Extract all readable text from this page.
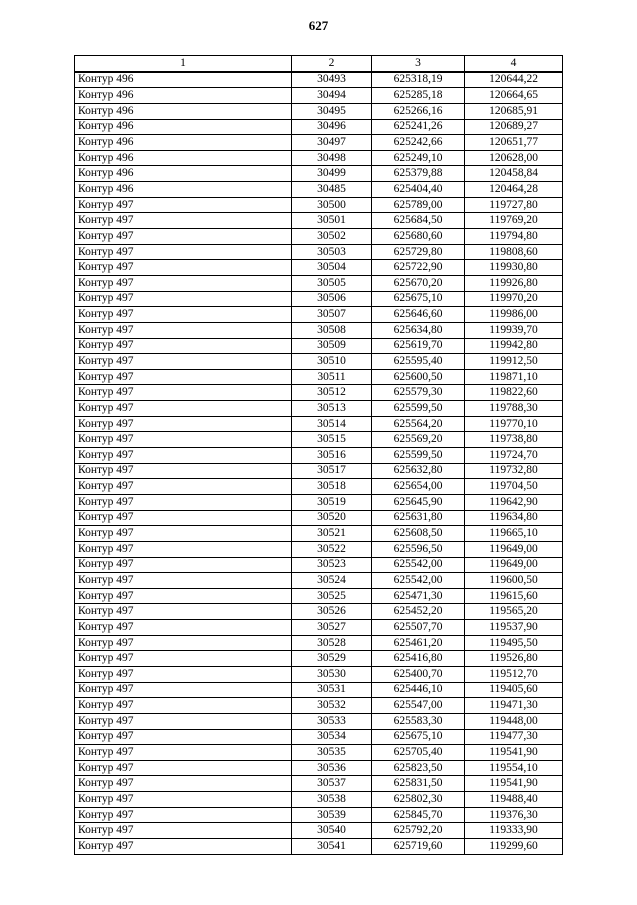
627
1	2	3	4
Контур 496	30493	625318,19	120644,22
Контур 496	30494	625285,18	120664,65
Контур 496	30495	625266,16	120685,91
Контур 496	30496	625241,26	120689,27
Контур 496	30497	625242,66	120651,77
Контур 496	30498	625249,10	120628,00
Контур 496	30499	625379,88	120458,84
Контур 496	30485	625404,40	120464,28
Контур 497	30500	625789,00	119727,80
Контур 497	30501	625684,50	119769,20
Контур 497	30502	625680,60	119794,80
Контур 497	30503	625729,80	119808,60
Контур 497	30504	625722,90	119930,80
Контур 497	30505	625670,20	119926,80
Контур 497	30506	625675,10	119970,20
Контур 497	30507	625646,60	119986,00
Контур 497	30508	625634,80	119939,70
Контур 497	30509	625619,70	119942,80
Контур 497	30510	625595,40	119912,50
Контур 497	30511	625600,50	119871,10
Контур 497	30512	625579,30	119822,60
Контур 497	30513	625599,50	119788,30
Контур 497	30514	625564,20	119770,10
Контур 497	30515	625569,20	119738,80
Контур 497	30516	625599,50	119724,70
Контур 497	30517	625632,80	119732,80
Контур 497	30518	625654,00	119704,50
Контур 497	30519	625645,90	119642,90
Контур 497	30520	625631,80	119634,80
Контур 497	30521	625608,50	119665,10
Контур 497	30522	625596,50	119649,00
Контур 497	30523	625542,00	119649,00
Контур 497	30524	625542,00	119600,50
Контур 497	30525	625471,30	119615,60
Контур 497	30526	625452,20	119565,20
Контур 497	30527	625507,70	119537,90
Контур 497	30528	625461,20	119495,50
Контур 497	30529	625416,80	119526,80
Контур 497	30530	625400,70	119512,70
Контур 497	30531	625446,10	119405,60
Контур 497	30532	625547,00	119471,30
Контур 497	30533	625583,30	119448,00
Контур 497	30534	625675,10	119477,30
Контур 497	30535	625705,40	119541,90
Контур 497	30536	625823,50	119554,10
Контур 497	30537	625831,50	119541,90
Контур 497	30538	625802,30	119488,40
Контур 497	30539	625845,70	119376,30
Контур 497	30540	625792,20	119333,90
Контур 497	30541	625719,60	119299,60
